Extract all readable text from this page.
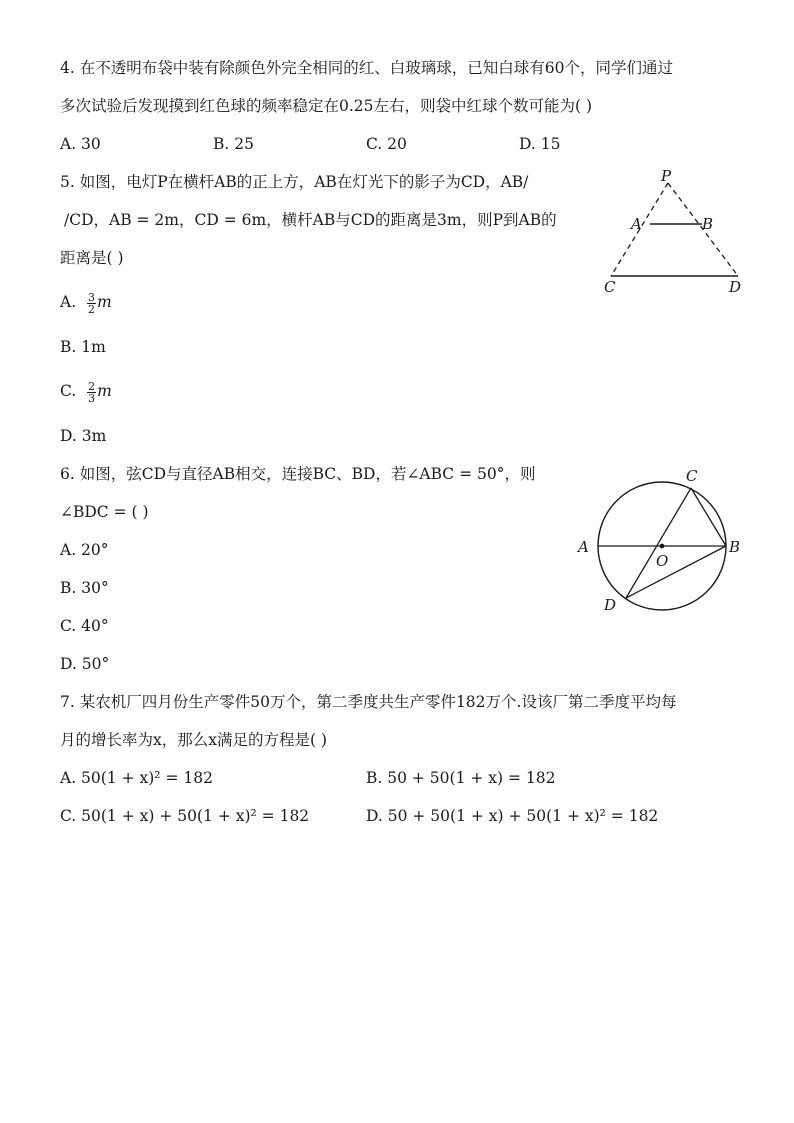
4. 在不透明布袋中装有除颜色外完全相同的红、白玻璃球，已知白球有60个，同学们通过
多次试验后发现摸到红色球的频率稳定在0.25左右，则袋中红球个数可能为( )
A. 30	B. 25	C. 20	D. 15
5. 如图，电灯P在横杆AB的正上方，AB在灯光下的影子为CD，AB/
/CD，AB = 2m，CD = 6m，横杆AB与CD的距离是3m，则P到AB的
距离是( )
A. $\frac{3}{2}$ m
B. 1m
C. $\frac{2}{3}$ m
D. 3m
P
A	B
C	D
6. 如图，弦CD与直径AB相交，连接BC、BD，若∠ABC = 50°，则
∠BDC = ( )
A. 20°
B. 30°
C. 40°
D. 50°
A	B
C
D
O
7. 某农机厂四月份生产零件50万个，第二季度共生产零件182万个.设该厂第二季度平均每
月的增长率为x，那么x满足的方程是( )
A. 50(1 + x)² = 182	B. 50 + 50(1 + x) = 182
C. 50(1 + x) + 50(1 + x)² = 182	D. 50 + 50(1 + x) + 50(1 + x)² = 182
